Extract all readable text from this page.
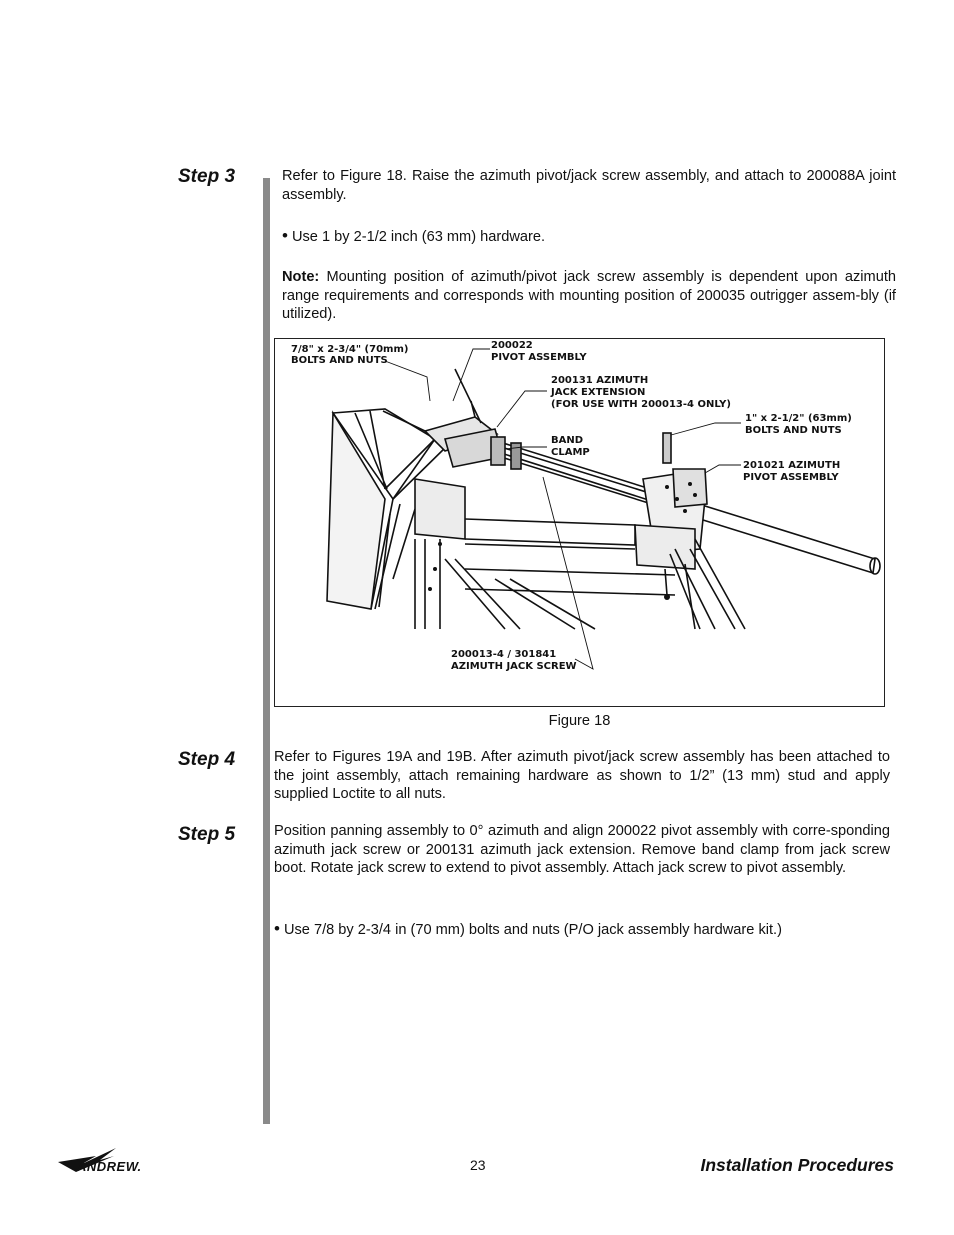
Step 3
Step 4
Step 5
Refer to Figure 18. Raise the azimuth pivot/jack screw assembly, and attach to 200088A joint assembly.
• Use 1 by 2-1/2 inch (63 mm) hardware.
Note: Mounting position of azimuth/pivot jack screw assembly is dependent upon azimuth range requirements and corresponds with mounting position of 200035 outrigger assem-bly (if utilized).
7/8" x 2-3/4" (70mm)
BOLTS AND NUTS
200022
PIVOT ASSEMBLY
200131 AZIMUTH
JACK EXTENSION
(FOR USE WITH 200013-4 ONLY)
BAND
CLAMP
1" x 2-1/2" (63mm)
BOLTS AND NUTS
201021 AZIMUTH
PIVOT ASSEMBLY
200013-4 / 301841
AZIMUTH JACK SCREW
Figure 18
Refer to Figures 19A and 19B. After azimuth pivot/jack screw assembly has been attached to the joint assembly, attach remaining hardware as shown to 1/2” (13 mm) stud and apply supplied Loctite to all nuts.
Position panning assembly to 0° azimuth and align 200022 pivot assembly with corre-sponding azimuth jack screw or 200131 azimuth jack extension. Remove band clamp from jack screw boot. Rotate jack screw to extend to pivot assembly. Attach jack screw to pivot assembly.
• Use 7/8 by 2-3/4 in (70 mm) bolts and nuts (P/O jack assembly hardware kit.)
ANDREW.	23	Installation Procedures
